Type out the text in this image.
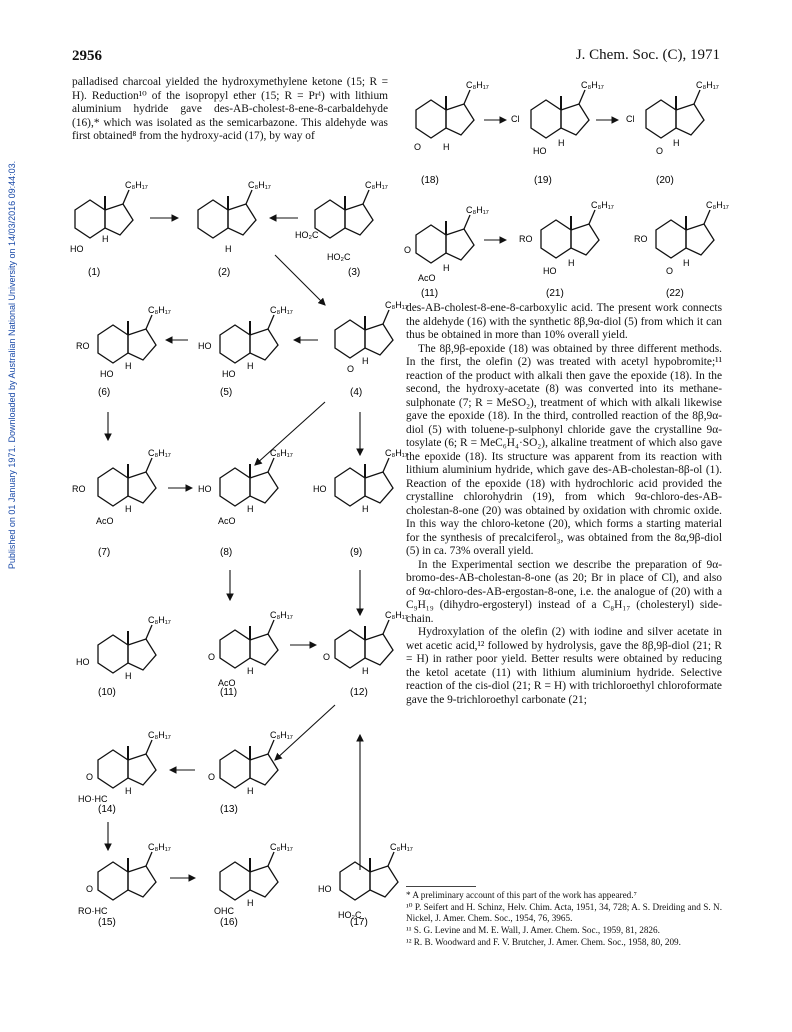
Published on 01 January 1971. Downloaded by Australian National University on 14/03/2016 09:44:03.
2956	J. Chem. Soc. (C), 1971

palladised charcoal yielded the hydroxymethylene ketone (15; R = H). Reduction¹⁰ of the isopropyl ether (15; R = Prⁱ) with lithium aluminium hydride gave des-AB-cholest-8-ene-8-carbaldehyde (16),* which was isolated as the semicarbazone. This aldehyde was first obtained⁸ from the hydroxy-acid (17), by way of

C₈H₁₇
HO
H
C₈H₁₇
H
C₈H₁₇
HO₂C
HO₂C
(1)	(2)	(3)
C₈H₁₇
RO
HO
H
C₈H₁₇
HO
HO
H
C₈H₁₇
O
H
(6)	(5)	(4)
C₈H₁₇
RO
AcO
H
C₈H₁₇
HO
AcO
H
C₈H₁₇
HO
H
(7)	(8)	(9)
C₈H₁₇
HO
H
C₈H₁₇
O
AcO
H
C₈H₁₇
O
H
(10)	(11)	(12)
C₈H₁₇
O
HO·HC
H
C₈H₁₇
O
H
(14)	(13)
C₈H₁₇
O
RO·HC
C₈H₁₇
OHC
H
C₈H₁₇
HO
HO₂C
(15)	(16)	(17)
C₈H₁₇
O H
C₈H₁₇
Cl
HO
H
C₈H₁₇
Cl
O
H
(18)	(19)	(20)
C₈H₁₇
O
AcO
H
C₈H₁₇
RO
HO
H
C₈H₁₇
RO
O
H
(11)	(21)	(22)

des-AB-cholest-8-ene-8-carboxylic acid. The present work connects the aldehyde (16) with the synthetic 8β,9α-diol (5) from which it can thus be obtained in more than 10% overall yield.

The 8β,9β-epoxide (18) was obtained by three different methods. In the first, the olefin (2) was treated with acetyl hypobromite;¹¹ reaction of the product with alkali then gave the epoxide (18). In the second, the hydroxy-acetate (8) was converted into its methane-sulphonate (7; R = MeSO₂), treatment of which with alkali likewise gave the epoxide (18). In the third, controlled reaction of the 8β,9α-diol (5) with toluene-p-sulphonyl chloride gave the crystalline 9α-tosylate (6; R = MeC₆H₄·SO₂), alkaline treatment of which also gave the epoxide (18). Its structure was apparent from its reaction with lithium aluminium hydride, which gave des-AB-cholestan-8β-ol (1). Reaction of the epoxide (18) with hydrochloric acid provided the crystalline chlorohydrin (19), from which 9α-chloro-des-AB-cholestan-8-one (20) was obtained by oxidation with chromic oxide. In this way the chloro-ketone (20), which forms a starting material for the synthesis of precalciferol₃, was obtained from the 8α,9β-diol (5) in ca. 73% overall yield.

In the Experimental section we describe the preparation of 9α-bromo-des-AB-cholestan-8-one (as 20; Br in place of Cl), and also of 9α-chloro-des-AB-ergostan-8-one, i.e. the analogue of (20) with a C₉H₁₉ (dihydro-ergosteryl) instead of a C₈H₁₇ (cholesteryl) side-chain.

Hydroxylation of the olefin (2) with iodine and silver acetate in wet acetic acid,¹² followed by hydrolysis, gave the 8β,9β-diol (21; R = H) in rather poor yield. Better results were obtained by reducing the ketol acetate (11) with lithium aluminium hydride. Selective reaction of the cis-diol (21; R = H) with trichloroethyl chloroformate gave the 9-trichloroethyl carbonate (21;

* A preliminary account of this part of the work has appeared.⁷

¹⁰ P. Seifert and H. Schinz, Helv. Chim. Acta, 1951, 34, 728; A. S. Dreiding and S. N. Nickel, J. Amer. Chem. Soc., 1954, 76, 3965.

¹¹ S. G. Levine and M. E. Wall, J. Amer. Chem. Soc., 1959, 81, 2826.

¹² R. B. Woodward and F. V. Brutcher, J. Amer. Chem. Soc., 1958, 80, 209.
